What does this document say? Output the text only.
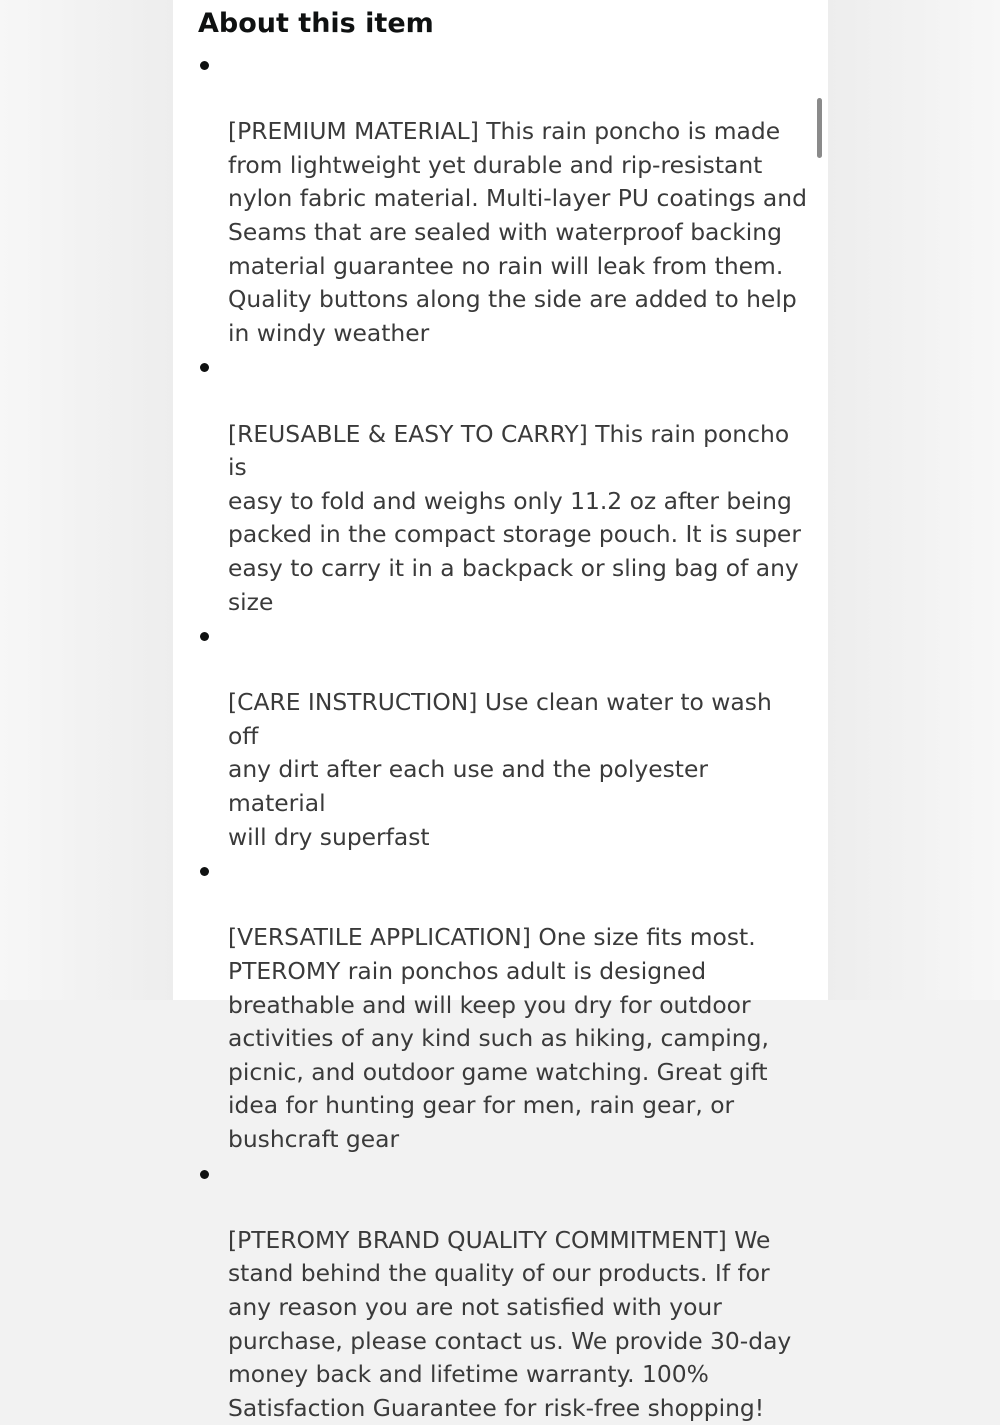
About this item

[PREMIUM MATERIAL] This rain poncho is made
from lightweight yet durable and rip-resistant
nylon fabric material. Multi-layer PU coatings and
Seams that are sealed with waterproof backing
material guarantee no rain will leak from them.
Quality buttons along the side are added to help
in windy weather

[REUSABLE & EASY TO CARRY] This rain poncho is
easy to fold and weighs only 11.2 oz after being
packed in the compact storage pouch. It is super
easy to carry it in a backpack or sling bag of any
size

[CARE INSTRUCTION] Use clean water to wash off
any dirt after each use and the polyester material
will dry superfast

[VERSATILE APPLICATION] One size fits most.
PTEROMY rain ponchos adult is designed
breathable and will keep you dry for outdoor
activities of any kind such as hiking, camping,
picnic, and outdoor game watching. Great gift
idea for hunting gear for men, rain gear, or
bushcraft gear

[PTEROMY BRAND QUALITY COMMITMENT] We
stand behind the quality of our products. If for
any reason you are not satisfied with your
purchase, please contact us. We provide 30-day
money back and lifetime warranty. 100%
Satisfaction Guarantee for risk-free shopping!
